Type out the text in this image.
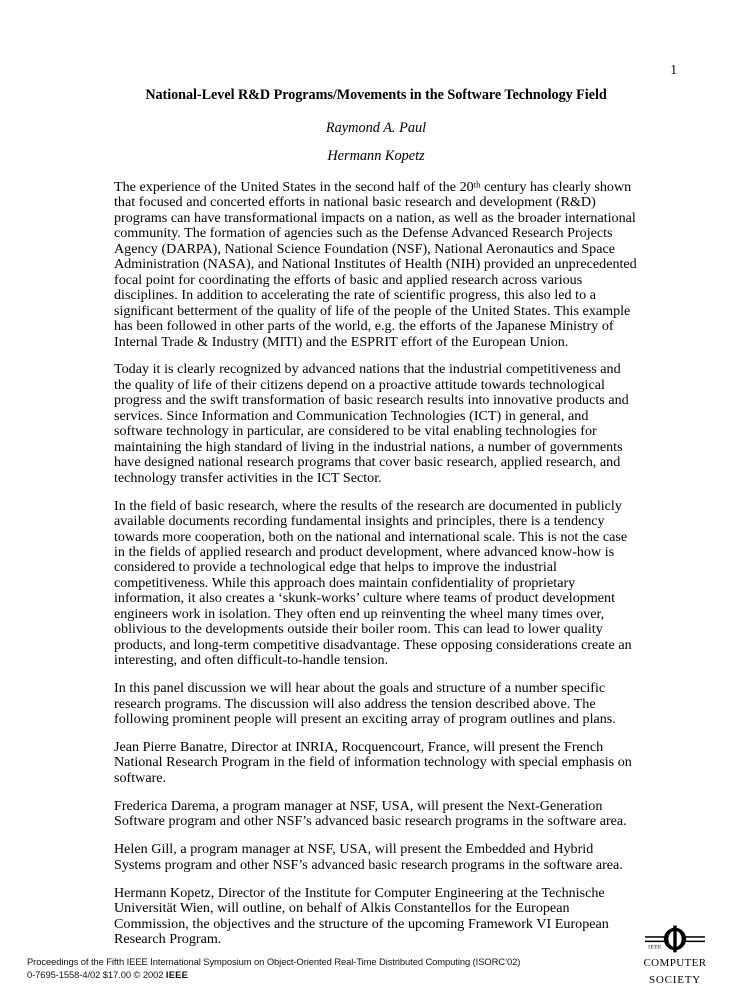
1
National-Level R&D Programs/Movements in the Software Technology Field
Raymond A. Paul
Hermann Kopetz

The experience of the United States in the second half of the 20th century has clearly shown that focused and concerted efforts in national basic research and development (R&D) programs can have transformational impacts on a nation, as well as the broader international community. The formation of agencies such as the Defense Advanced Research Projects Agency (DARPA), National Science Foundation (NSF), National Aeronautics and Space Administration (NASA), and National Institutes of Health (NIH) provided an unprecedented focal point for coordinating the efforts of basic and applied research across various disciplines. In addition to accelerating the rate of scientific progress, this also led to a significant betterment of the quality of life of the people of the United States. This example has been followed in other parts of the world, e.g. the efforts of the Japanese Ministry of Internal Trade & Industry (MITI) and the ESPRIT effort of the European Union.

Today it is clearly recognized by advanced nations that the industrial competitiveness and the quality of life of their citizens depend on a proactive attitude towards technological progress and the swift transformation of basic research results into innovative products and services. Since Information and Communication Technologies (ICT) in general, and software technology in particular, are considered to be vital enabling technologies for maintaining the high standard of living in the industrial nations, a number of governments have designed national research programs that cover basic research, applied research, and technology transfer activities in the ICT Sector.

In the field of basic research, where the results of the research are documented in publicly available documents recording fundamental insights and principles, there is a tendency towards more cooperation, both on the national and international scale. This is not the case in the fields of applied research and product development, where advanced know-how is considered to provide a technological edge that helps to improve the industrial competitiveness. While this approach does maintain confidentiality of proprietary information, it also creates a ‘skunk-works’ culture where teams of product development engineers work in isolation. They often end up reinventing the wheel many times over, oblivious to the developments outside their boiler room. This can lead to lower quality products, and long-term competitive disadvantage. These opposing considerations create an interesting, and often difficult-to-handle tension.

In this panel discussion we will hear about the goals and structure of a number specific research programs. The discussion will also address the tension described above. The following prominent people will present an exciting array of program outlines and plans.

Jean Pierre Banatre, Director at INRIA, Rocquencourt, France, will present the French National Research Program in the field of information technology with special emphasis on software.

Frederica Darema, a program manager at NSF, USA, will present the Next-Generation Software program and other NSF’s advanced basic research programs in the software area.

Helen Gill, a program manager at NSF, USA, will present the Embedded and Hybrid Systems program and other NSF’s advanced basic research programs in the software area.

Hermann Kopetz, Director of the Institute for Computer Engineering at the Technische Universität Wien, will outline, on behalf of Alkis Constantellos for the European Commission, the objectives and the structure of the upcoming Framework VI European Research Program.

Proceedings of the Fifth IEEE International Symposium on Object-Oriented Real-Time Distributed Computing (ISORC’02)
0-7695-1558-4/02 $17.00 © 2002 IEEE
IEEE
computer
society
